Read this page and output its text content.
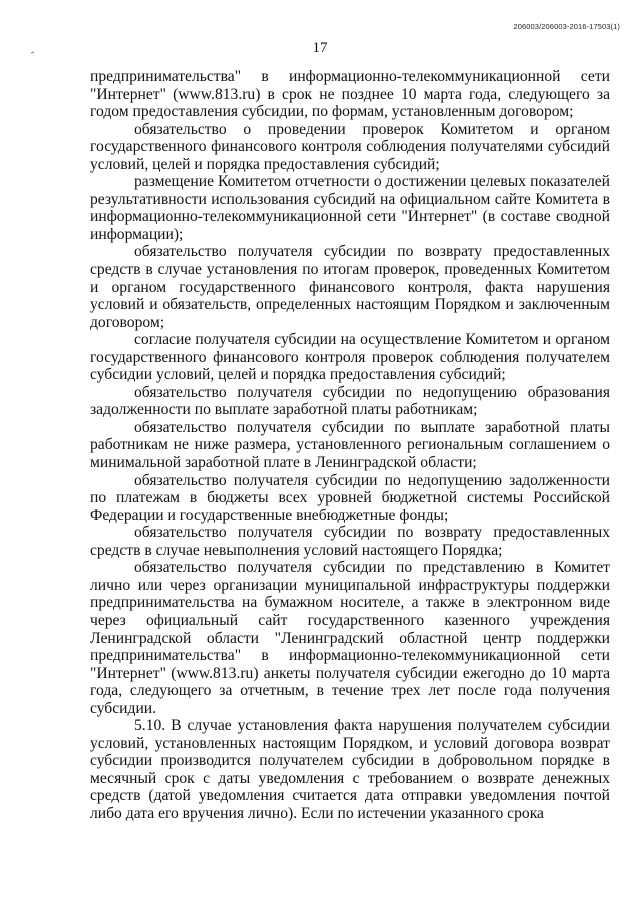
206003/206003-2016-17503(1)
17

предпринимательства" в информационно-телекоммуникационной сети "Интернет" (www.813.ru) в срок не позднее 10 марта года, следующего за годом предоставления субсидии, по формам, установленным договором;

обязательство о проведении проверок Комитетом и органом государственного финансового контроля соблюдения получателями субсидий условий, целей и порядка предоставления субсидий;

размещение Комитетом отчетности о достижении целевых показателей результативности использования субсидий на официальном сайте Комитета в информационно-телекоммуникационной сети "Интернет" (в составе сводной информации);

обязательство получателя субсидии по возврату предоставленных средств в случае установления по итогам проверок, проведенных Комитетом и органом государственного финансового контроля, факта нарушения условий и обязательств, определенных настоящим Порядком и заключенным договором;

согласие получателя субсидии на осуществление Комитетом и органом государственного финансового контроля проверок соблюдения получателем субсидии условий, целей и порядка предоставления субсидий;

обязательство получателя субсидии по недопущению образования задолженности по выплате заработной платы работникам;

обязательство получателя субсидии по выплате заработной платы работникам не ниже размера, установленного региональным соглашением о минимальной заработной плате в Ленинградской области;

обязательство получателя субсидии по недопущению задолженности по платежам в бюджеты всех уровней бюджетной системы Российской Федерации и государственные внебюджетные фонды;

обязательство получателя субсидии по возврату предоставленных средств в случае невыполнения условий настоящего Порядка;

обязательство получателя субсидии по представлению в Комитет лично или через организации муниципальной инфраструктуры поддержки предпринимательства на бумажном носителе, а также в электронном виде через официальный сайт государственного казенного учреждения Ленинградской области "Ленинградский областной центр поддержки предпринимательства" в информационно-телекоммуникационной сети "Интернет" (www.813.ru) анкеты получателя субсидии ежегодно до 10 марта года, следующего за отчетным, в течение трех лет после года получения субсидии.

5.10. В случае установления факта нарушения получателем субсидии условий, установленных настоящим Порядком, и условий договора возврат субсидии производится получателем субсидии в добровольном порядке в месячный срок с даты уведомления с требованием о возврате денежных средств (датой уведомления считается дата отправки уведомления почтой либо дата его вручения лично). Если по истечении указанного срока
